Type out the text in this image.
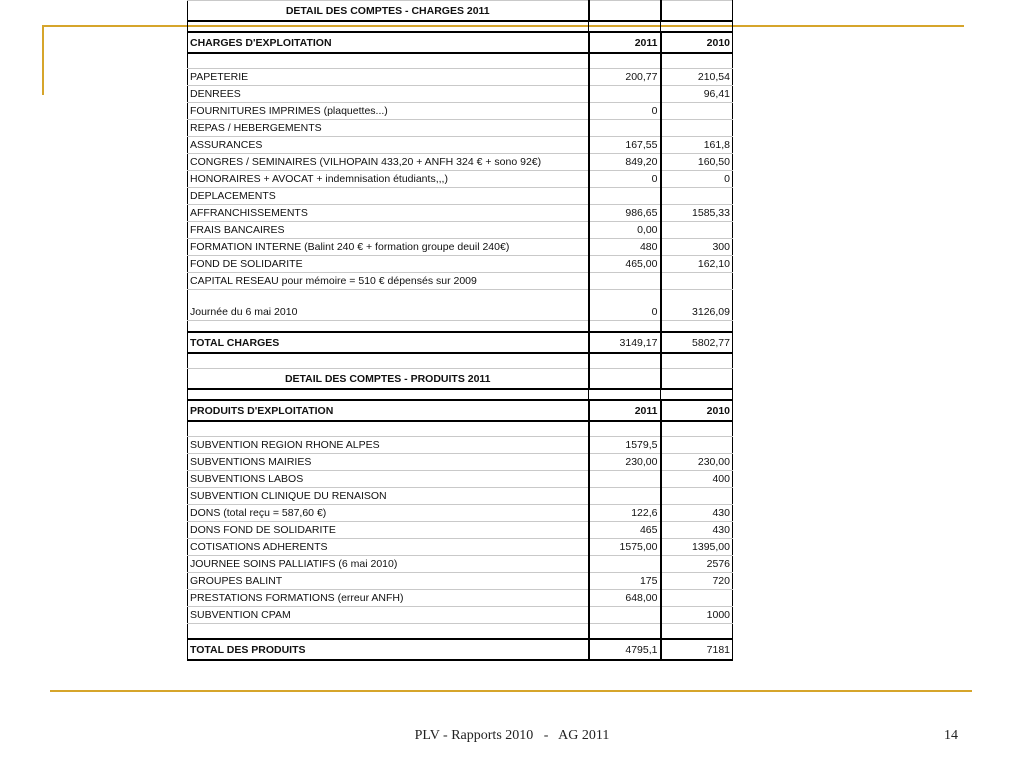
DETAIL DES COMPTES - CHARGES 2011		

CHARGES D'EXPLOITATION	2011	2010

PAPETERIE	200,77	210,54
DENREES		96,41
FOURNITURES IMPRIMES (plaquettes...)	0	
REPAS / HEBERGEMENTS		
ASSURANCES	167,55	161,8
CONGRES / SEMINAIRES (VILHOPAIN 433,20 + ANFH 324 € + sono 92€)	849,20	160,50
HONORAIRES + AVOCAT + indemnisation étudiants,,,)	0	0
DEPLACEMENTS		
AFFRANCHISSEMENTS	986,65	1585,33
FRAIS BANCAIRES	0,00	
FORMATION INTERNE (Balint 240 € + formation groupe deuil 240€)	480	300
FOND DE SOLIDARITE	465,00	162,10
CAPITAL RESEAU pour mémoire = 510 € dépensés sur 2009		
Journée du 6 mai 2010	0	3126,09

TOTAL CHARGES	3149,17	5802,77

DETAIL DES COMPTES - PRODUITS 2011		

PRODUITS D'EXPLOITATION	2011	2010

SUBVENTION REGION RHONE ALPES	1579,5	
SUBVENTIONS MAIRIES	230,00	230,00
SUBVENTIONS LABOS		400
SUBVENTION CLINIQUE DU RENAISON		
DONS (total reçu = 587,60 €)	122,6	430
DONS FOND DE SOLIDARITE	465	430
COTISATIONS ADHERENTS	1575,00	1395,00
JOURNEE SOINS PALLIATIFS (6 mai 2010)		2576
GROUPES BALINT	175	720
PRESTATIONS FORMATIONS (erreur ANFH)	648,00	
SUBVENTION CPAM		1000

TOTAL DES PRODUITS	4795,1	7181
PLV - Rapports 2010   -   AG 2011	14
